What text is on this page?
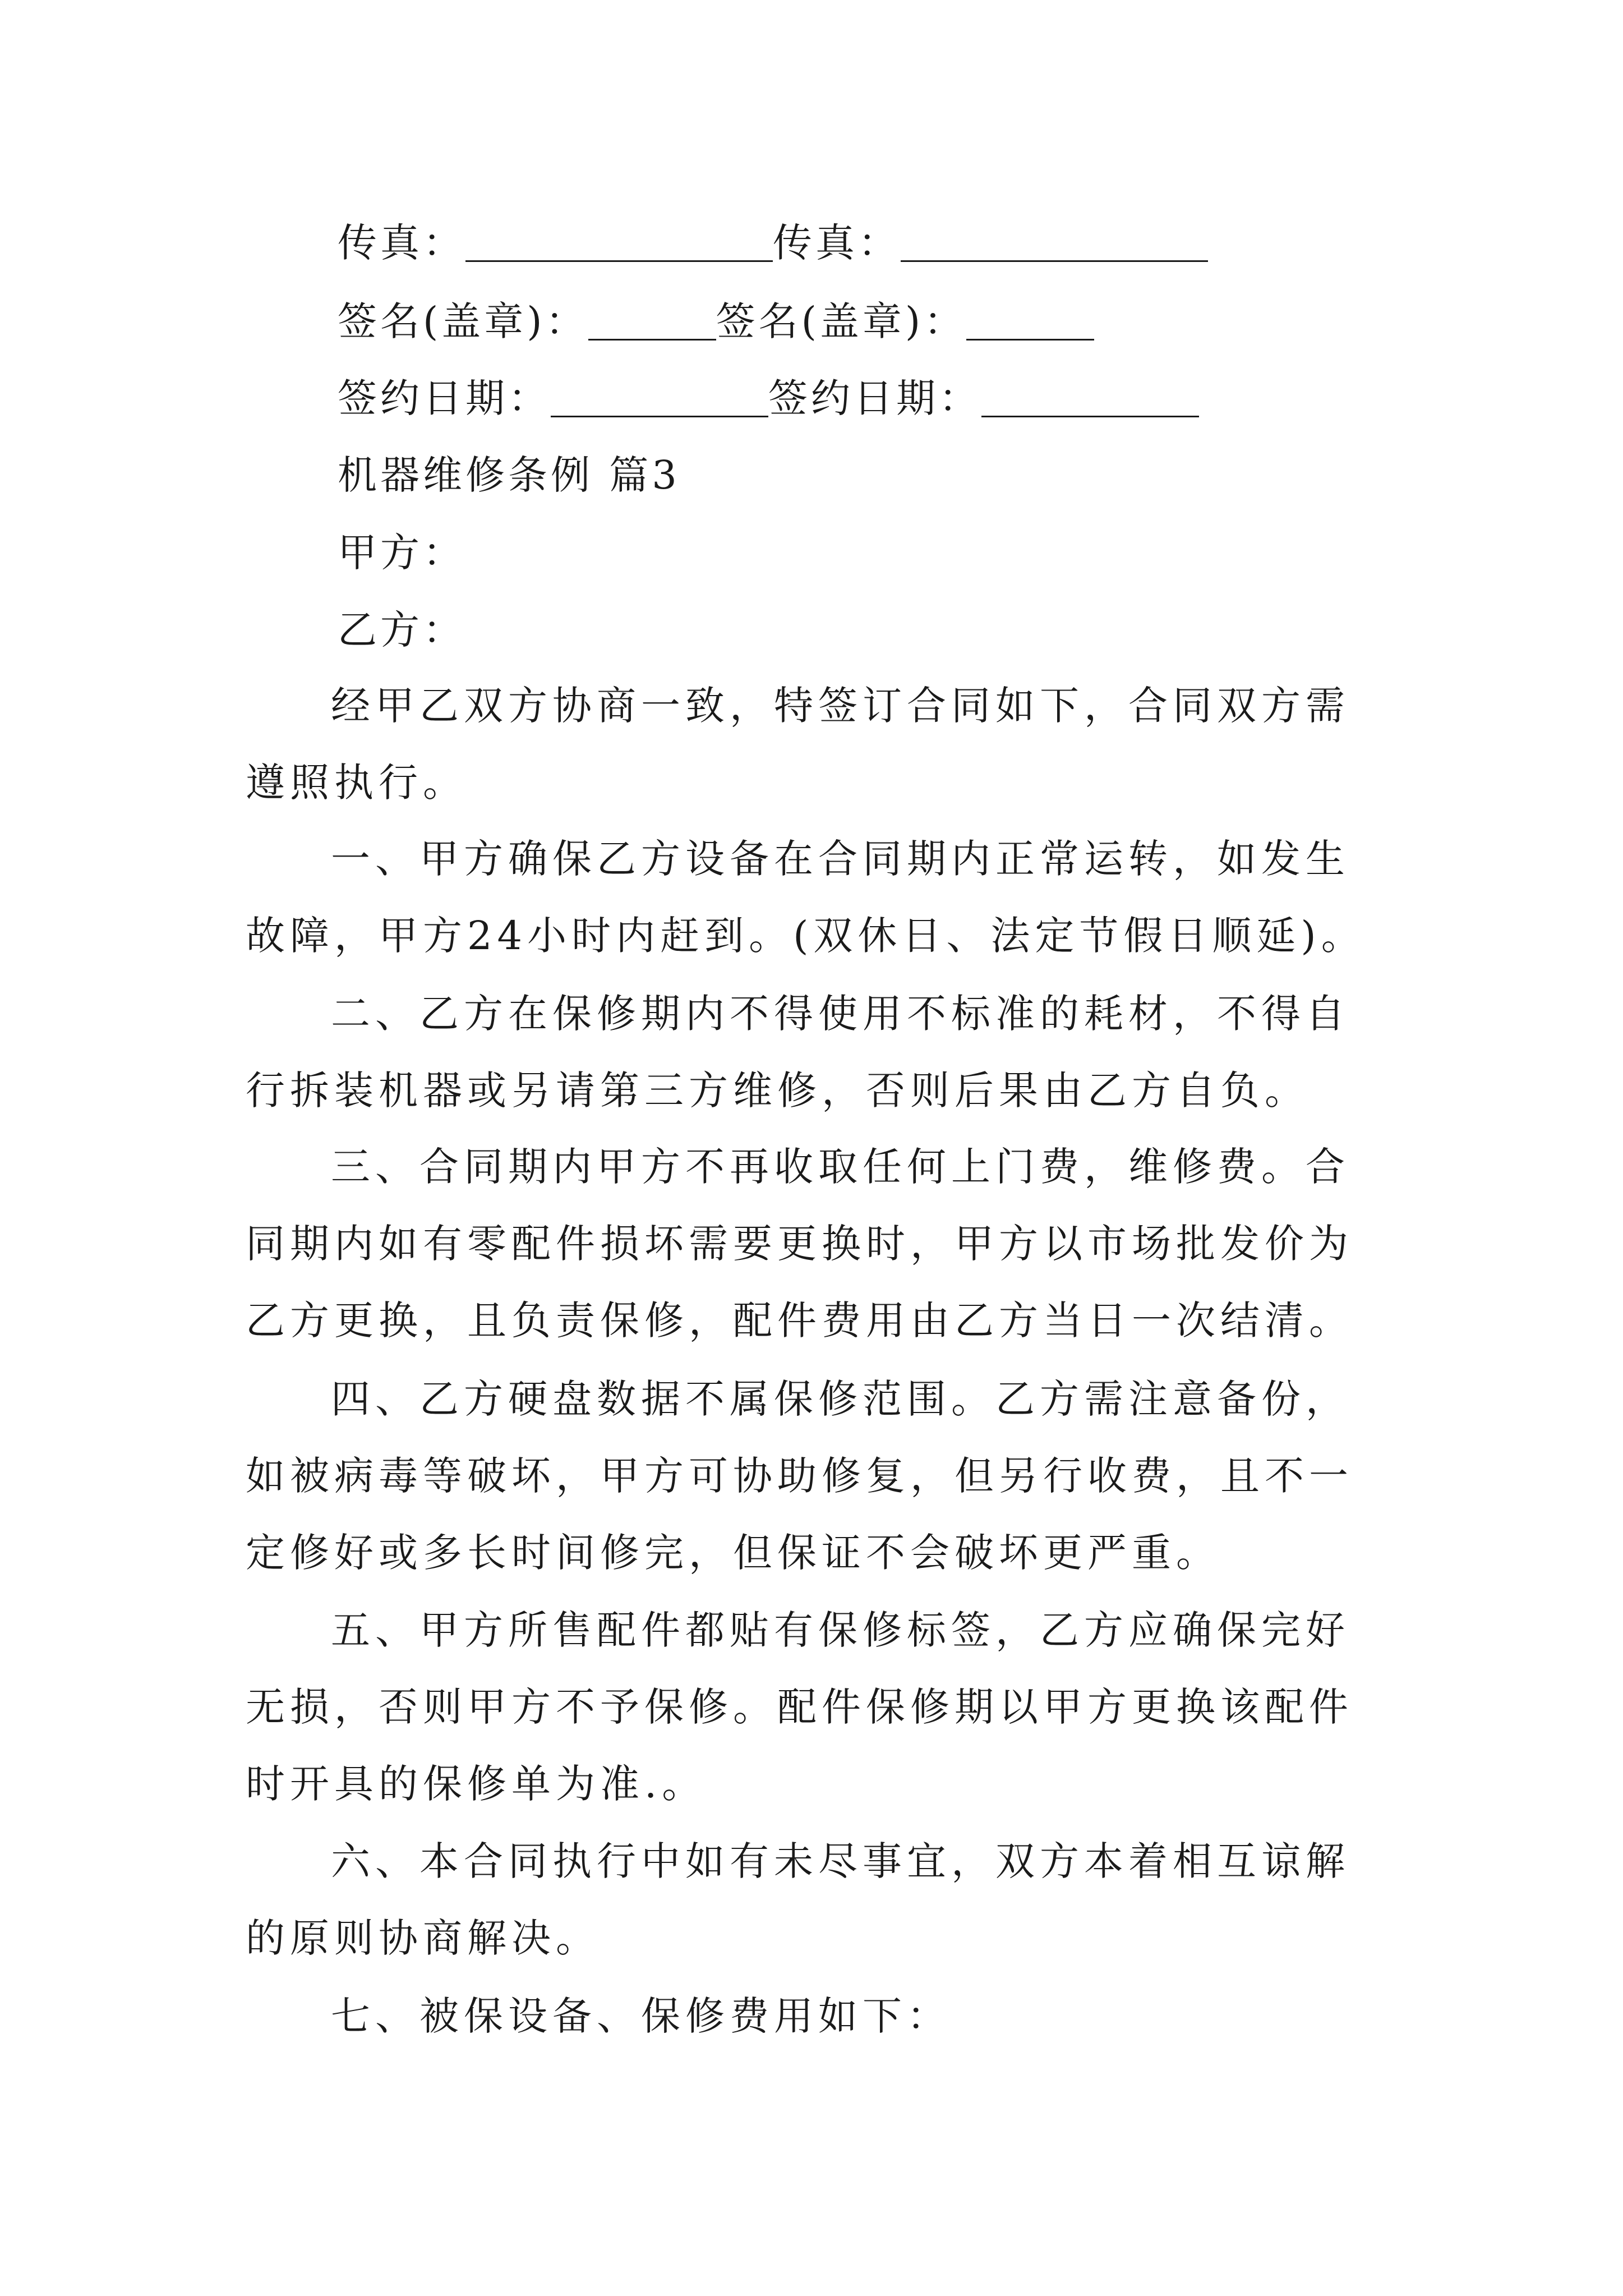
传真：	传真：
签名(盖章)：	签名(盖章)：
签约日期：	签约日期：
机器维修条例 篇3
甲方：
乙方：

经甲乙双方协商一致，特签订合同如下，合同双方需遵照执行。

一、甲方确保乙方设备在合同期内正常运转，如发生故障，甲方24小时内赶到。(双休日、法定节假日顺延)。

二、乙方在保修期内不得使用不标准的耗材，不得自行拆装机器或另请第三方维修，否则后果由乙方自负。

三、合同期内甲方不再收取任何上门费，维修费。合同期内如有零配件损坏需要更换时，甲方以市场批发价为乙方更换，且负责保修，配件费用由乙方当日一次结清。

四、乙方硬盘数据不属保修范围。乙方需注意备份，如被病毒等破坏，甲方可协助修复，但另行收费，且不一定修好或多长时间修完，但保证不会破坏更严重。

五、甲方所售配件都贴有保修标签，乙方应确保完好无损，否则甲方不予保修。配件保修期以甲方更换该配件时开具的保修单为准.。

六、本合同执行中如有未尽事宜，双方本着相互谅解的原则协商解决。

七、被保设备、保修费用如下：
